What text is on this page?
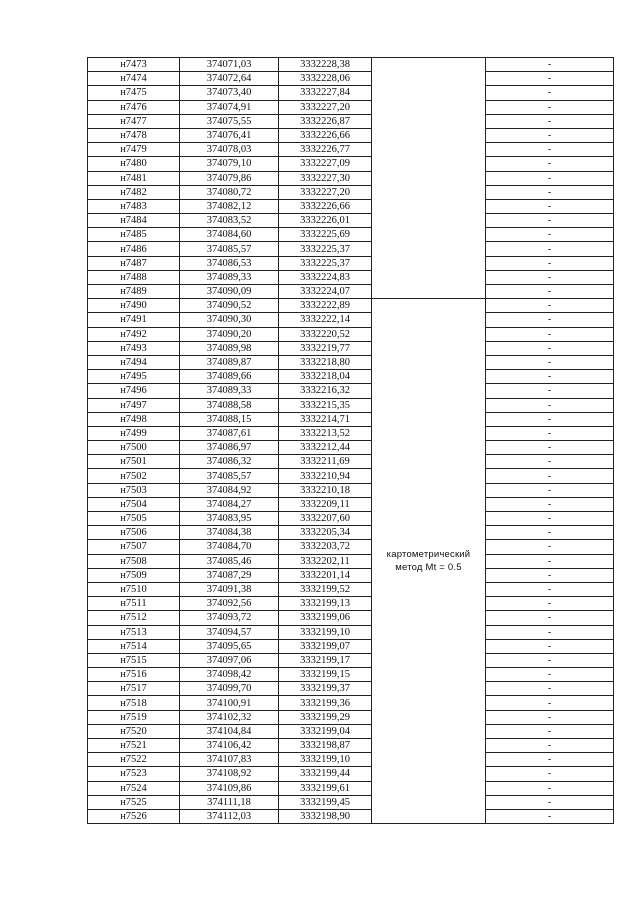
н7473	374071,03	3332228,38		-
н7474	374072,64	3332228,06		-
н7475	374073,40	3332227,84		-
н7476	374074,91	3332227,20		-
н7477	374075,55	3332226,87		-
н7478	374076,41	3332226,66		-
н7479	374078,03	3332226,77		-
н7480	374079,10	3332227,09		-
н7481	374079,86	3332227,30		-
н7482	374080,72	3332227,20		-
н7483	374082,12	3332226,66		-
н7484	374083,52	3332226,01		-
н7485	374084,60	3332225,69		-
н7486	374085,57	3332225,37		-
н7487	374086,53	3332225,37		-
н7488	374089,33	3332224,83		-
н7489	374090,09	3332224,07		-
н7490	374090,52	3332222,89	картометрический метод Mt = 0.5	-
н7491	374090,30	3332222,14		-
н7492	374090,20	3332220,52		-
н7493	374089,98	3332219,77		-
н7494	374089,87	3332218,80		-
н7495	374089,66	3332218,04		-
н7496	374089,33	3332216,32		-
н7497	374088,58	3332215,35		-
н7498	374088,15	3332214,71		-
н7499	374087,61	3332213,52		-
н7500	374086,97	3332212,44		-
н7501	374086,32	3332211,69		-
н7502	374085,57	3332210,94		-
н7503	374084,92	3332210,18		-
н7504	374084,27	3332209,11		-
н7505	374083,95	3332207,60		-
н7506	374084,38	3332205,34		-
н7507	374084,70	3332203,72		-
н7508	374085,46	3332202,11		-
н7509	374087,29	3332201,14		-
н7510	374091,38	3332199,52		-
н7511	374092,56	3332199,13		-
н7512	374093,72	3332199,06		-
н7513	374094,57	3332199,10		-
н7514	374095,65	3332199,07		-
н7515	374097,06	3332199,17		-
н7516	374098,42	3332199,15		-
н7517	374099,70	3332199,37		-
н7518	374100,91	3332199,36		-
н7519	374102,32	3332199,29		-
н7520	374104,84	3332199,04		-
н7521	374106,42	3332198,87		-
н7522	374107,83	3332199,10		-
н7523	374108,92	3332199,44		-
н7524	374109,86	3332199,61		-
н7525	374111,18	3332199,45		-
н7526	374112,03	3332198,90		-
